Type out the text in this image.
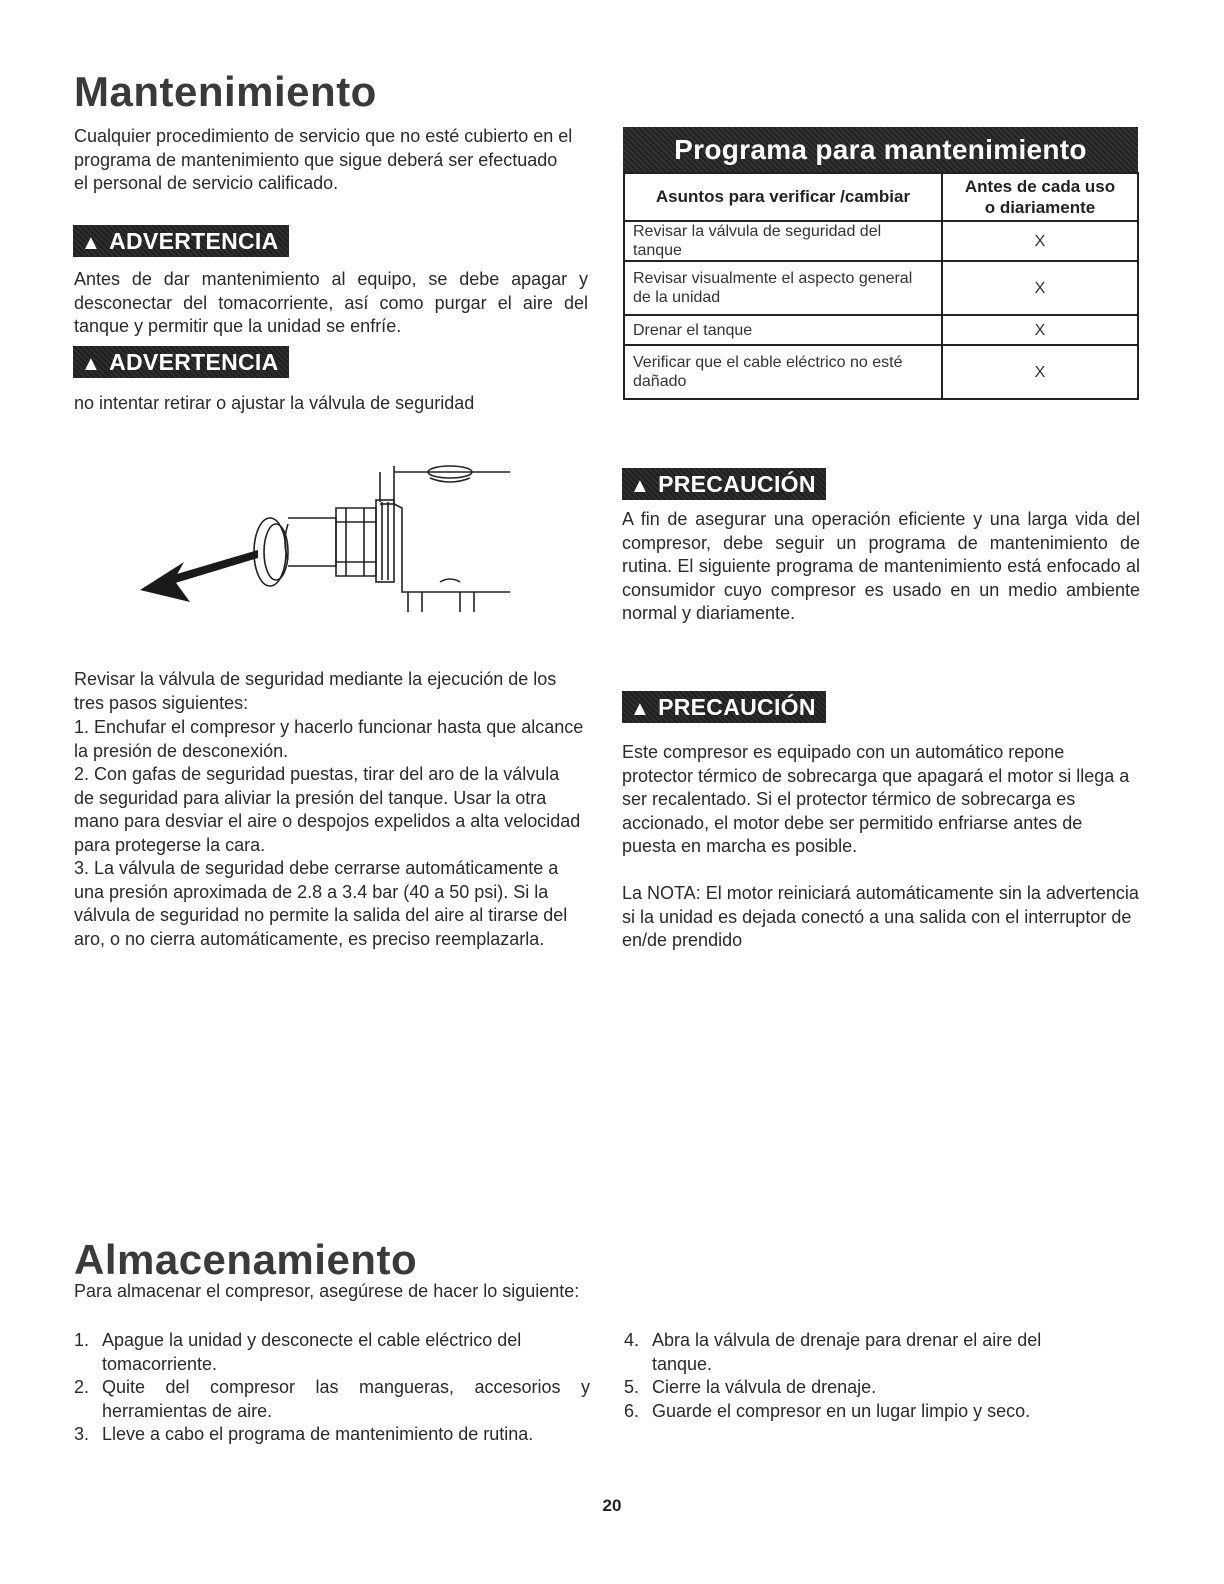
Mantenimiento

Cualquier procedimiento de servicio que no esté cubierto en el programa de mantenimiento que sigue deberá ser efectuado el personal de servicio calificado.

▲ ADVERTENCIA

Antes de dar mantenimiento al equipo, se debe apagar y desconectar del tomacorriente, así como purgar el aire del tanque y permitir que la unidad se enfríe.

▲ ADVERTENCIA

no intentar retirar o ajustar la válvula de seguridad

Revisar la válvula de seguridad mediante la ejecución de los tres pasos siguientes:

1. Enchufar el compresor y hacerlo funcionar hasta que alcance la presión de desconexión.

2. Con gafas de seguridad puestas, tirar del aro de la válvula de seguridad para aliviar la presión del tanque. Usar la otra mano para desviar el aire o despojos expelidos a alta velocidad para protegerse la cara.

3. La válvula de seguridad debe cerrarse automáticamente a una presión aproximada de 2.8 a 3.4 bar (40 a 50 psi). Si la válvula de seguridad no permite la salida del aire al tirarse del aro, o no cierra automáticamente, es preciso reemplazarla.

Programa para mantenimiento
Asuntos para verificar /cambiar	Antes de cada uso
o diariamente

Revisar la válvula de seguridad del tanque	X
Revisar visualmente el aspecto general de la unidad	X
Drenar el tanque	X
Verificar que el cable eléctrico no esté dañado	X
▲ PRECAUCIÓN

A fin de asegurar una operación eficiente y una larga vida del compresor, debe seguir un programa de mantenimiento de rutina. El siguiente programa de mantenimiento está enfocado al consumidor cuyo compresor es usado en un medio ambiente normal y diariamente.

▲ PRECAUCIÓN

Este compresor es equipado con un automático repone protector térmico de sobrecarga que apagará el motor si llega a ser recalentado. Si el protector térmico de sobrecarga es accionado, el motor debe ser permitido enfriarse antes de puesta en marcha es posible.

La NOTA: El motor reiniciará automáticamente sin la advertencia si la unidad es dejada conectó a una salida con el interruptor de en/de prendido

Almacenamiento

Para almacenar el compresor, asegúrese de hacer lo siguiente:

1. Apague la unidad y desconecte el cable eléctrico del tomacorriente.
2. Quite del compresor las mangueras, accesorios y herramientas de aire.
3. Lleve a cabo el programa de mantenimiento de rutina.
4. Abra la válvula de drenaje para drenar el aire del tanque.
5. Cierre la válvula de drenaje.
6. Guarde el compresor en un lugar limpio y seco.
20
